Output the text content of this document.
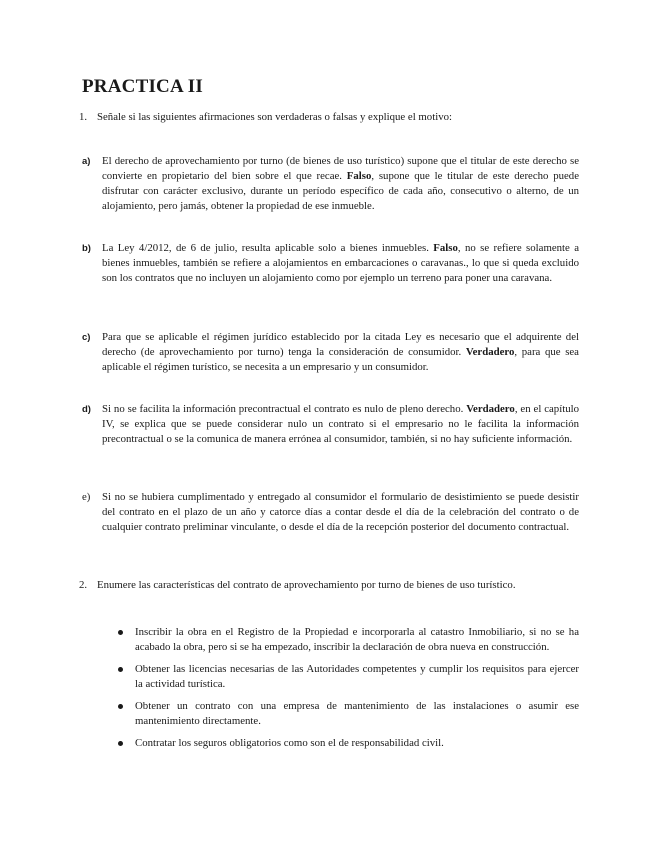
PRACTICA II
1. Señale si las siguientes afirmaciones son verdaderas o falsas y explique el motivo:
a) El derecho de aprovechamiento por turno (de bienes de uso turístico) supone que el titular de este derecho se convierte en propietario del bien sobre el que recae. Falso, supone que le titular de este derecho puede disfrutar con carácter exclusivo, durante un período específico de cada año, consecutivo o alterno, de un alojamiento, pero jamás, obtener la propiedad de ese inmueble.
b) La Ley 4/2012, de 6 de julio, resulta aplicable solo a bienes inmuebles. Falso, no se refiere solamente a bienes inmuebles, también se refiere a alojamientos en embarcaciones o caravanas., lo que si queda excluido son los contratos que no incluyen un alojamiento como por ejemplo un terreno para poner una caravana.
c) Para que se aplicable el régimen jurídico establecido por la citada Ley es necesario que el adquirente del derecho (de aprovechamiento por turno) tenga la consideración de consumidor. Verdadero, para que sea aplicable el régimen turístico, se necesita a un empresario y un consumidor.
d) Si no se facilita la información precontractual el contrato es nulo de pleno derecho. Verdadero, en el capítulo IV, se explica que se puede considerar nulo un contrato si el empresario no le facilita la información precontractual o se la comunica de manera errónea al consumidor, también, si no hay suficiente información.
e) Si no se hubiera cumplimentado y entregado al consumidor el formulario de desistimiento se puede desistir del contrato en el plazo de un año y catorce días a contar desde el día de la celebración del contrato o de cualquier contrato preliminar vinculante, o desde el día de la recepción posterior del documento contractual.
2. Enumere las características del contrato de aprovechamiento por turno de bienes de uso turístico.
Inscribir la obra en el Registro de la Propiedad e incorporarla al catastro Inmobiliario, si no se ha acabado la obra, pero si se ha empezado, inscribir la declaración de obra nueva en construcción.
Obtener las licencias necesarias de las Autoridades competentes y cumplir los requisitos para ejercer la actividad turística.
Obtener un contrato con una empresa de mantenimiento de las instalaciones o asumir ese mantenimiento directamente.
Contratar los seguros obligatorios como son el de responsabilidad civil.
